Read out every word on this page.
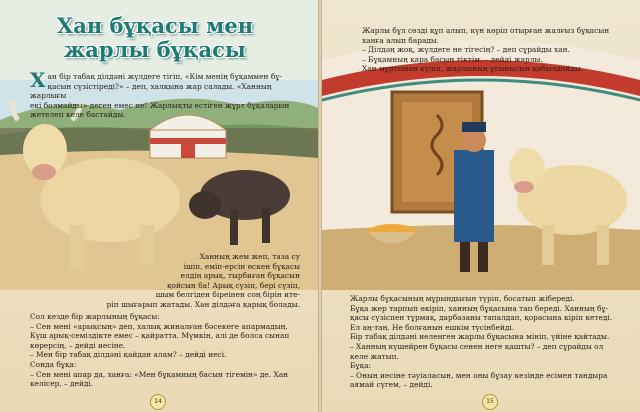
Хан бұқасы мен жарлы бұқасы
Х ан бір табақ ділдәні жүлдеге тігіп, «Кім менің бұқаммен бұ-

қасын сүзістіреді?» – деп, халқына жар салады. «Ханның жарлығы

екі болмайды» деген емес пе! Жарлықты естіген жұрт бұқаларын

жетелеп келе бастайды.

Ханның жем жеп, таза су

ішіп, еміп-ерсін өскен бұқасы

елдің арық, тырбиған бұқасын

қойсын ба! Арық сүзіп, бері сүзіп,

шым белгіден біреінен соң бірін ите-

ріп шығарып жатады. Хан ділдәға қарық болады.

Сол кезде бір жарлының бұқасы:

– Сен мені «арықсың» деп, халық жиналған бәсекеге апармадың.

Күш арық-семіздікте емес – қайратта. Мүмкін, алі де болса сынап

көрерсің, – дейді иесіне.

– Мен бір табақ ділдәні қайдан алам? – дейді иесі.

Сонда бұқа:

– Сен мені апар да, ханға: «Мен бұқамның басын тігемін» де. Хан

келісер, – дейді.

14

Жарлы бұл сөзді құп алып, күн көріп отырған жалғыз бұқасын

ханға алып барады.

– Ділдәң жоқ, жүлдеге не тігесің? – деп сұрайды хан.

– Бұқамның қара басын тіктім, – дейді жарлы.

Хан мұртынан күліп, жарлының ұсынысын қабылдайды.

Жарлы бұқасының мұрындығын түріп, босатып жібереді.

Бұқа жер тарпып өкіріп, ханның бұқасына тап береді. Ханның бұ-

қасы сүзіспен тұрмақ, дарбазаны тапалдап, қорасына кіріп кетеді.

Ел аң-таң. Не болғанын ешкім түсінбейді.

Бір табақ ділдәні иеленген жарлы бұқасына мініп, үйіне қайтады.

– Ханның күшейрен бұқасы сенен неге қашты? – деп сұрайды ол

келе жатып.

Бұқа:

– Оның иесіне тәуіаласын, мен оны бұзау кезінде есімен тандыра

аямай сүгем, – дейді.

15
